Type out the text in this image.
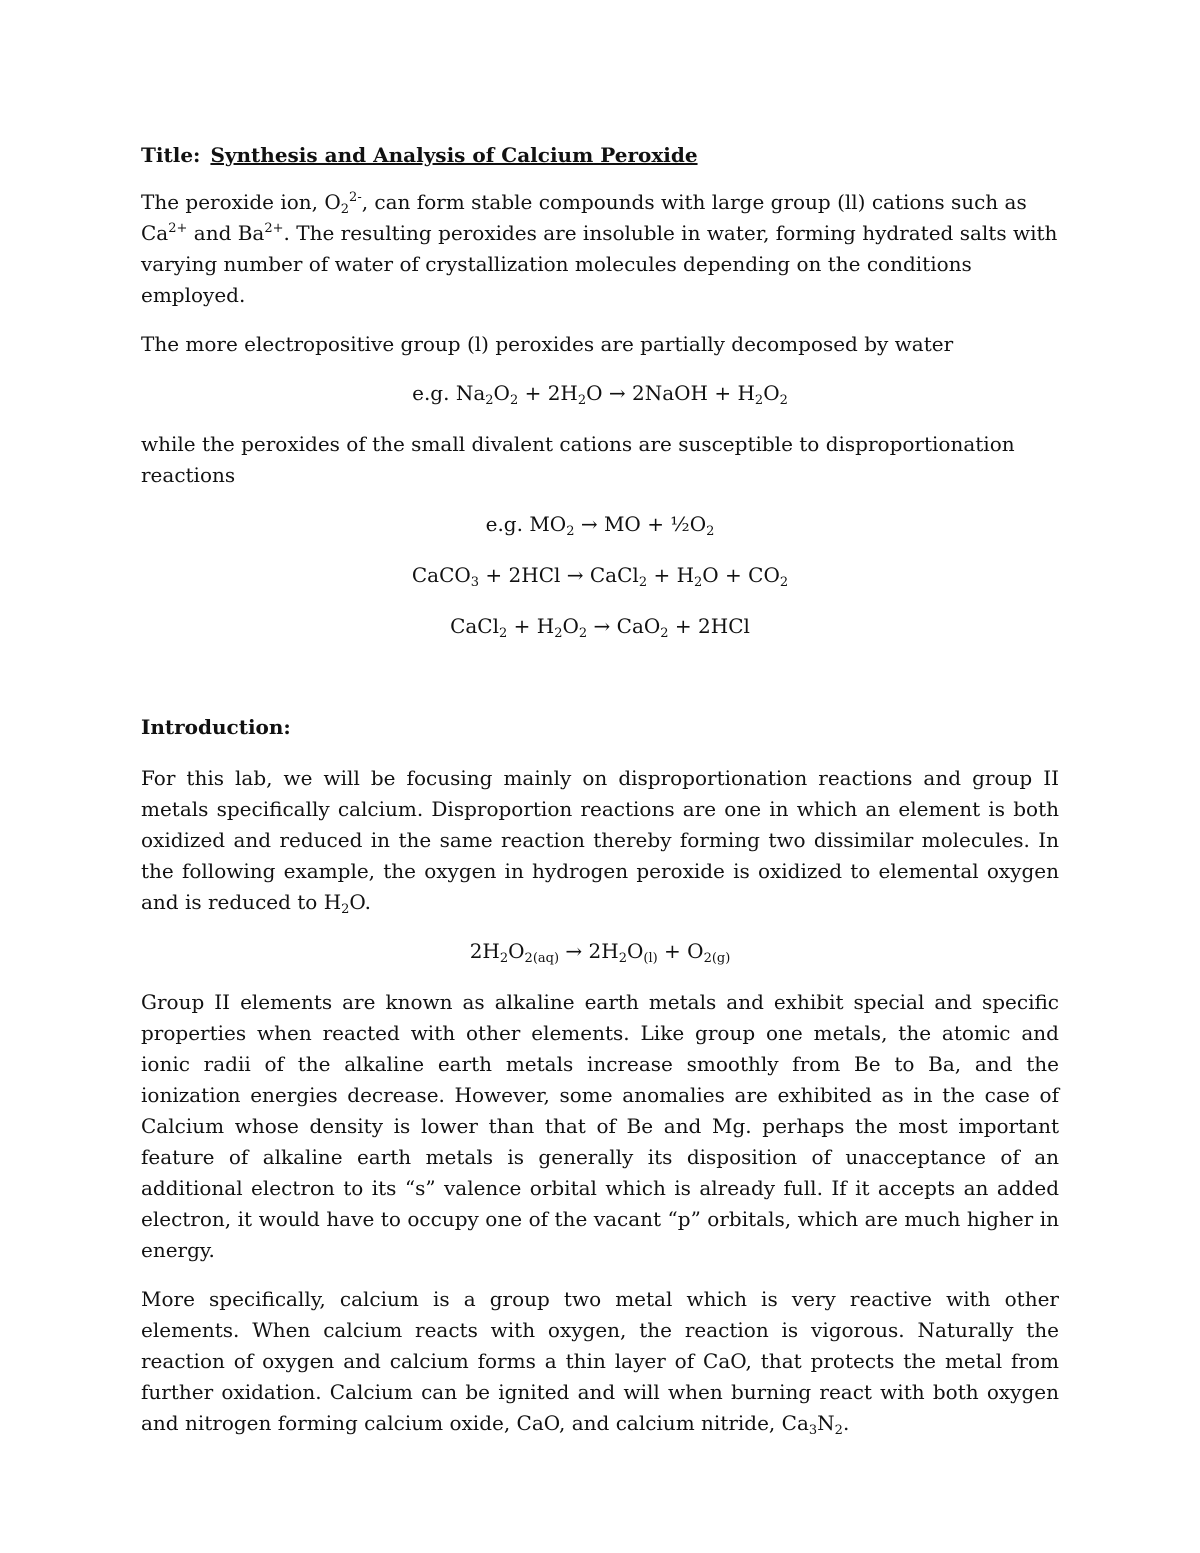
Title: Synthesis and Analysis of Calcium Peroxide

The peroxide ion, $O_2^{2-}$, can form stable compounds with large group (ll) cations such as $Ca^{2+}$ and $Ba^{2+}$. The resulting peroxides are insoluble in water, forming hydrated salts with varying number of water of crystallization molecules depending on the conditions employed.

The more electropositive group (l) peroxides are partially decomposed by water

e.g. $Na_2O_2 + 2H_2O$ → 2NaOH + $H_2O_2$

while the peroxides of the small divalent cations are susceptible to disproportionation reactions

e.g. $MO_2$ → MO + $\frac{1}{2}O_2$

CaCO$_3$ + 2HCl → CaCl$_2$ + $H_2O + CO_2$

CaCl$_2$ + $H_2O_2 \to CaO_2 + 2HCl$

Introduction:

For this lab, we will be focusing mainly on disproportionation reactions and group II metals specifically calcium. Disproportion reactions are one in which an element is both oxidized and reduced in the same reaction thereby forming two dissimilar molecules. In the following example, the oxygen in hydrogen peroxide is oxidized to elemental oxygen and is reduced to $H_2O$.

$2H_2O_{2(aq)} \to 2H_2O_{(l)} + O_{2(g)}$

Group II elements are known as alkaline earth metals and exhibit special and specific properties when reacted with other elements. Like group one metals, the atomic and ionic radii of the alkaline earth metals increase smoothly from Be to Ba, and the ionization energies decrease. However, some anomalies are exhibited as in the case of Calcium whose density is lower than that of Be and Mg. perhaps the most important feature of alkaline earth metals is generally its disposition of unacceptance of an additional electron to its “s” valence orbital which is already full. If it accepts an added electron, it would have to occupy one of the vacant “p” orbitals, which are much higher in energy.

More specifically, calcium is a group two metal which is very reactive with other elements. When calcium reacts with oxygen, the reaction is vigorous. Naturally the reaction of oxygen and calcium forms a thin layer of CaO, that protects the metal from further oxidation. Calcium can be ignited and will when burning react with both oxygen and nitrogen forming calcium oxide, CaO, and calcium nitride, $Ca_3N_2$.
